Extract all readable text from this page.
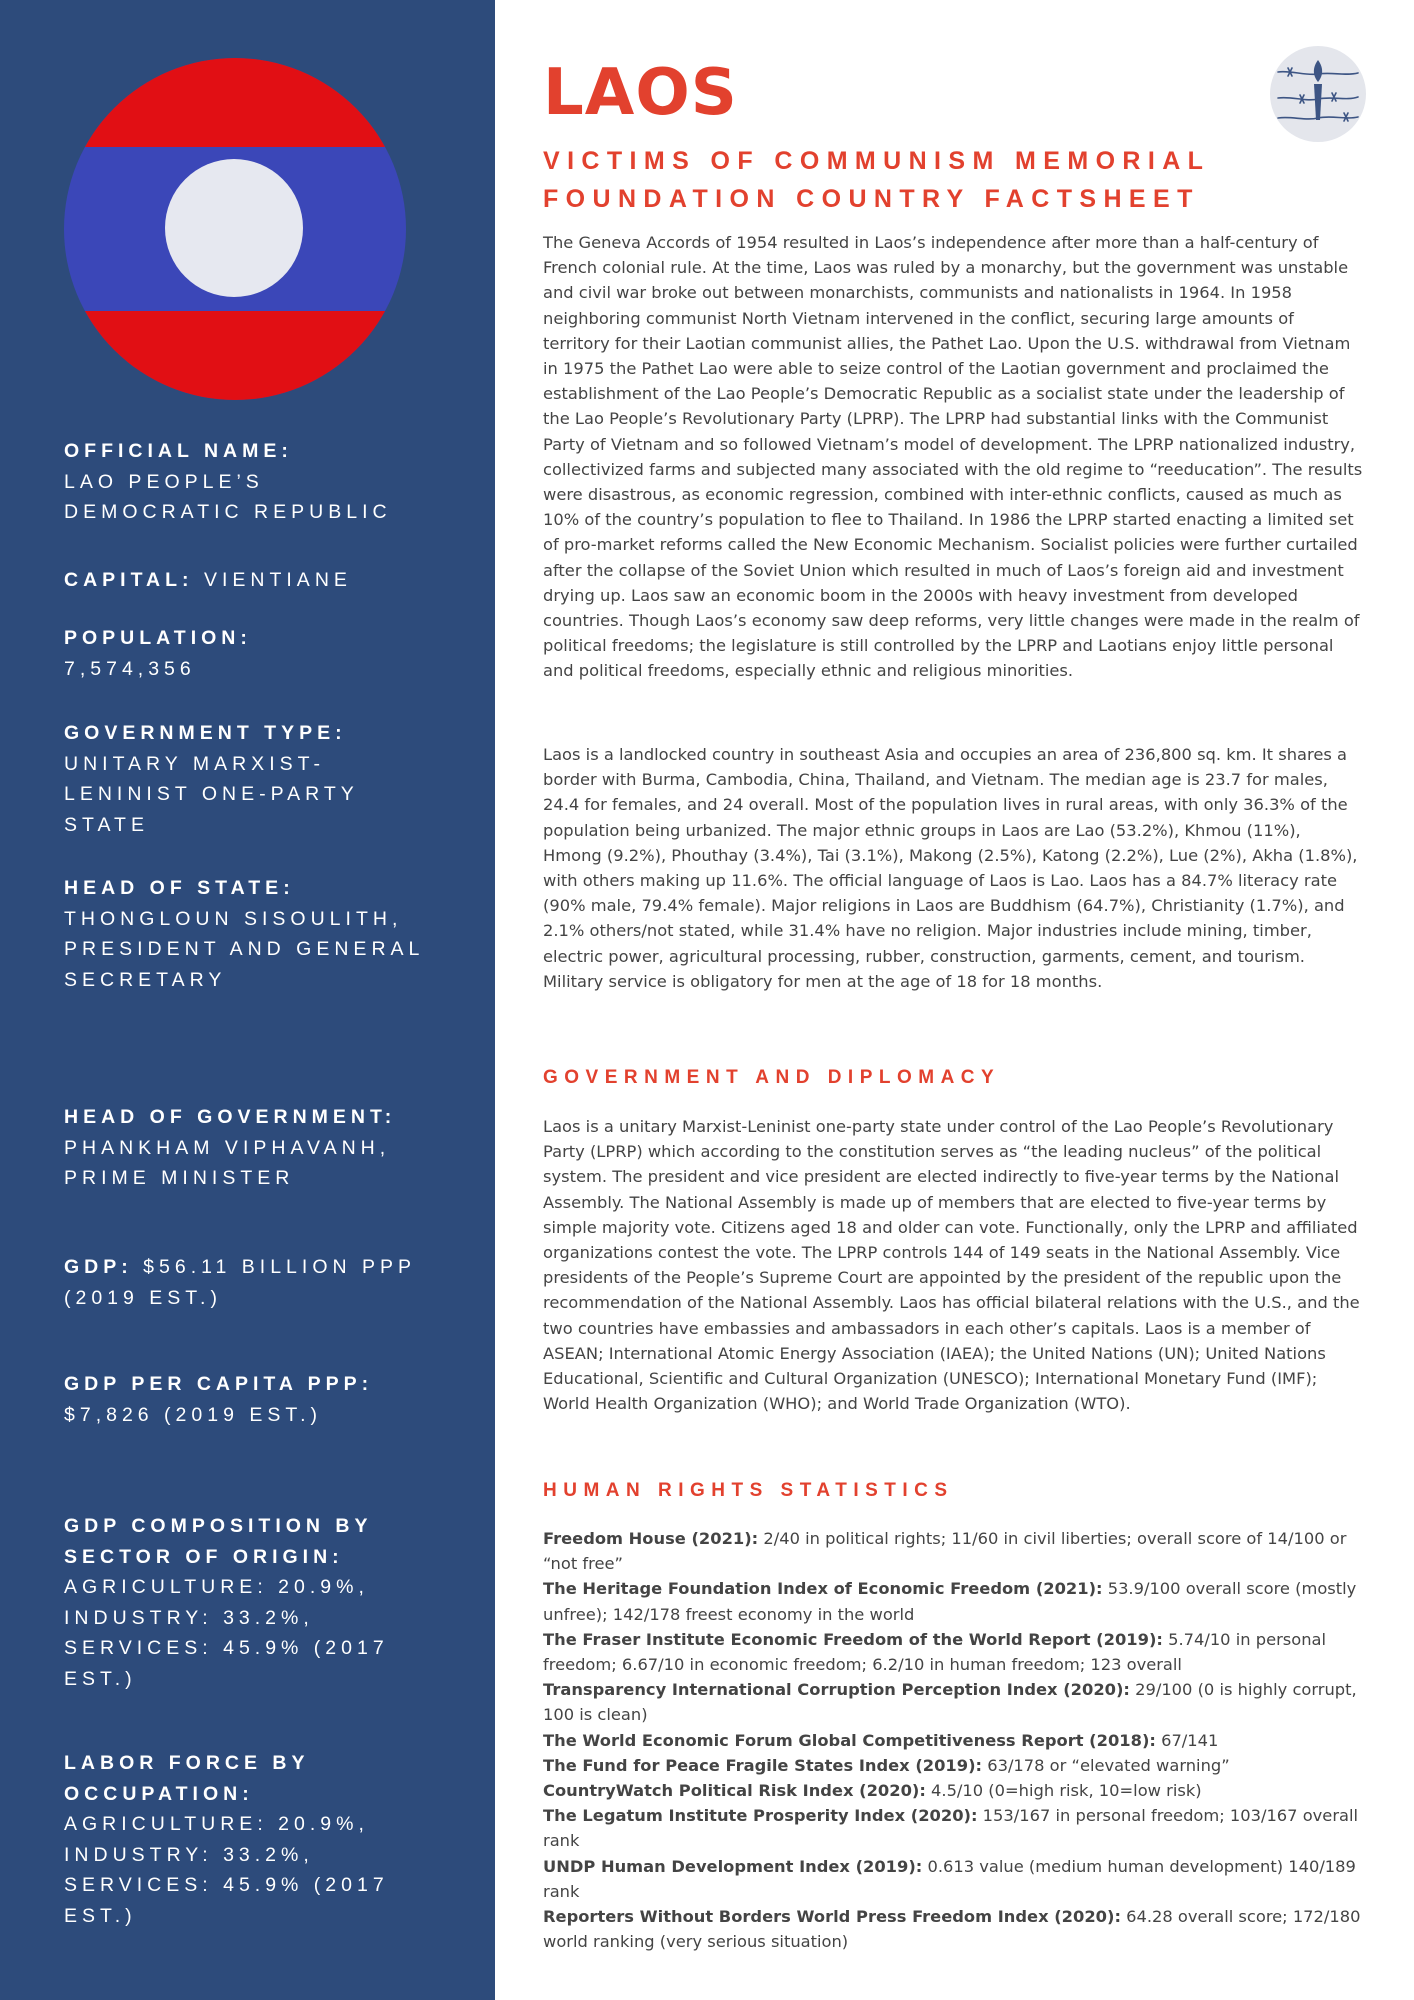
OFFICIAL NAME:
LAO PEOPLE’S DEMOCRATIC REPUBLIC
CAPITAL: VIENTIANE
POPULATION:
7,574,356
GOVERNMENT TYPE:
UNITARY MARXIST-LENINIST ONE-PARTY STATE
HEAD OF STATE:
THONGLOUN SISOULITH, PRESIDENT AND GENERAL SECRETARY
HEAD OF GOVERNMENT:
PHANKHAM VIPHAVANH, PRIME MINISTER
GDP: $56.11 BILLION PPP (2019 EST.)
GDP PER CAPITA PPP:
$7,826 (2019 EST.)
GDP COMPOSITION BY SECTOR OF ORIGIN:
AGRICULTURE: 20.9%, INDUSTRY: 33.2%, SERVICES: 45.9% (2017 EST.)
LABOR FORCE BY OCCUPATION:
AGRICULTURE: 20.9%, INDUSTRY: 33.2%, SERVICES: 45.9% (2017 EST.)
LAOS
VICTIMS OF COMMUNISM MEMORIAL
FOUNDATION COUNTRY FACTSHEET

The Geneva Accords of 1954 resulted in Laos’s independence after more than a half-century of French colonial rule. At the time, Laos was ruled by a monarchy, but the government was unstable and civil war broke out between monarchists, communists and nationalists in 1964. In 1958 neighboring communist North Vietnam intervened in the conflict, securing large amounts of territory for their Laotian communist allies, the Pathet Lao. Upon the U.S. withdrawal from Vietnam in 1975 the Pathet Lao were able to seize control of the Laotian government and proclaimed the establishment of the Lao People’s Democratic Republic as a socialist state under the leadership of the Lao People’s Revolutionary Party (LPRP). The LPRP had substantial links with the Communist Party of Vietnam and so followed Vietnam’s model of development. The LPRP nationalized industry, collectivized farms and subjected many associated with the old regime to “reeducation”. The results were disastrous, as economic regression, combined with inter-ethnic conflicts, caused as much as 10% of the country’s population to flee to Thailand. In 1986 the LPRP started enacting a limited set of pro-market reforms called the New Economic Mechanism. Socialist policies were further curtailed after the collapse of the Soviet Union which resulted in much of Laos’s foreign aid and investment drying up. Laos saw an economic boom in the 2000s with heavy investment from developed countries. Though Laos’s economy saw deep reforms, very little changes were made in the realm of political freedoms; the legislature is still controlled by the LPRP and Laotians enjoy little personal and political freedoms, especially ethnic and religious minorities.

Laos is a landlocked country in southeast Asia and occupies an area of 236,800 sq. km. It shares a border with Burma, Cambodia, China, Thailand, and Vietnam. The median age is 23.7 for males, 24.4 for females, and 24 overall. Most of the population lives in rural areas, with only 36.3% of the population being urbanized. The major ethnic groups in Laos are Lao (53.2%), Khmou (11%), Hmong (9.2%), Phouthay (3.4%), Tai (3.1%), Makong (2.5%), Katong (2.2%), Lue (2%), Akha (1.8%), with others making up 11.6%. The official language of Laos is Lao. Laos has a 84.7% literacy rate (90% male, 79.4% female). Major religions in Laos are Buddhism (64.7%), Christianity (1.7%), and 2.1% others/not stated, while 31.4% have no religion. Major industries include mining, timber, electric power, agricultural processing, rubber, construction, garments, cement, and tourism. Military service is obligatory for men at the age of 18 for 18 months.

GOVERNMENT AND DIPLOMACY

Laos is a unitary Marxist-Leninist one-party state under control of the Lao People’s Revolutionary Party (LPRP) which according to the constitution serves as “the leading nucleus” of the political system. The president and vice president are elected indirectly to five-year terms by the National Assembly. The National Assembly is made up of members that are elected to five-year terms by simple majority vote. Citizens aged 18 and older can vote. Functionally, only the LPRP and affiliated organizations contest the vote. The LPRP controls 144 of 149 seats in the National Assembly. Vice presidents of the People’s Supreme Court are appointed by the president of the republic upon the recommendation of the National Assembly. Laos has official bilateral relations with the U.S., and the two countries have embassies and ambassadors in each other’s capitals. Laos is a member of ASEAN; International Atomic Energy Association (IAEA); the United Nations (UN); United Nations Educational, Scientific and Cultural Organization (UNESCO); International Monetary Fund (IMF); World Health Organization (WHO); and World Trade Organization (WTO).

HUMAN RIGHTS STATISTICS
Freedom House (2021): 2/40 in political rights; 11/60 in civil liberties; overall score of 14/100 or “not free”
The Heritage Foundation Index of Economic Freedom (2021): 53.9/100 overall score (mostly unfree); 142/178 freest economy in the world
The Fraser Institute Economic Freedom of the World Report (2019): 5.74/10 in personal freedom; 6.67/10 in economic freedom; 6.2/10 in human freedom; 123 overall
Transparency International Corruption Perception Index (2020): 29/100 (0 is highly corrupt, 100 is clean)
The World Economic Forum Global Competitiveness Report (2018): 67/141
The Fund for Peace Fragile States Index (2019): 63/178 or “elevated warning”
CountryWatch Political Risk Index (2020): 4.5/10 (0=high risk, 10=low risk)
The Legatum Institute Prosperity Index (2020): 153/167 in personal freedom; 103/167 overall rank
UNDP Human Development Index (2019): 0.613 value (medium human development) 140/189 rank
Reporters Without Borders World Press Freedom Index (2020): 64.28 overall score; 172/180 world ranking (very serious situation)
